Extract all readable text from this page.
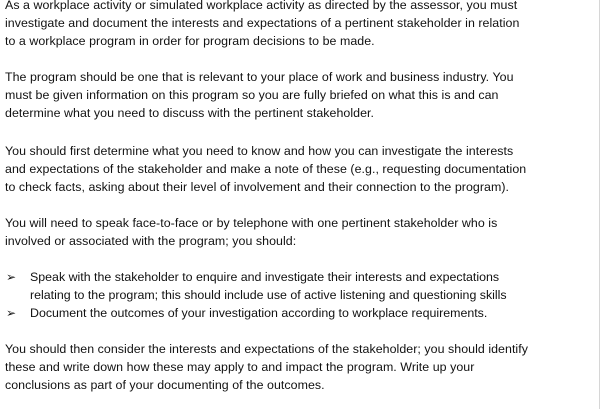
As a workplace activity or simulated workplace activity as directed by the assessor, you must
investigate and document the interests and expectations of a pertinent stakeholder in relation
to a workplace program in order for program decisions to be made.
The program should be one that is relevant to your place of work and business industry. You
must be given information on this program so you are fully briefed on what this is and can
determine what you need to discuss with the pertinent stakeholder.
You should first determine what you need to know and how you can investigate the interests
and expectations of the stakeholder and make a note of these (e.g., requesting documentation
to check facts, asking about their level of involvement and their connection to the program).
You will need to speak face-to-face or by telephone with one pertinent stakeholder who is
involved or associated with the program; you should:
➢ Speak with the stakeholder to enquire and investigate their interests and expectations
relating to the program; this should include use of active listening and questioning skills
➢ Document the outcomes of your investigation according to workplace requirements.
You should then consider the interests and expectations of the stakeholder; you should identify
these and write down how these may apply to and impact the program. Write up your
conclusions as part of your documenting of the outcomes.
